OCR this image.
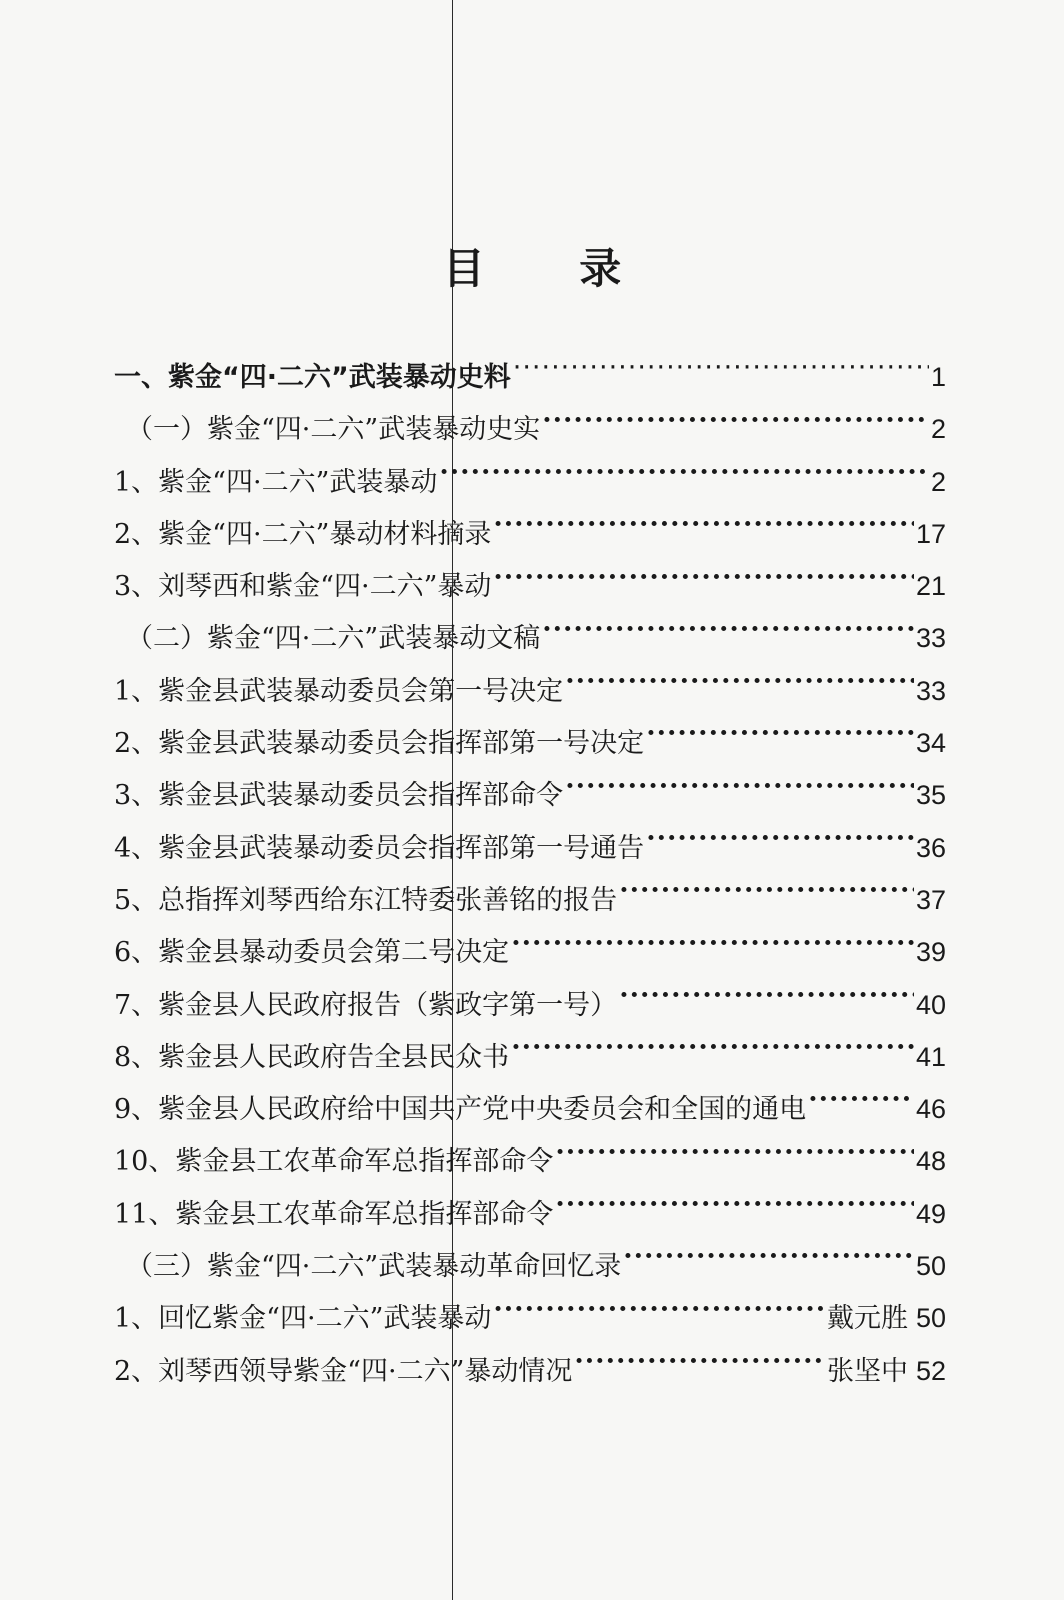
目 录
一、紫金“四·二六”武装暴动史料 ·····	1
（一）紫金“四·二六”武装暴动史实 ·····	2
1、紫金“四·二六”武装暴动 ·····	2
2、紫金“四·二六”暴动材料摘录 ·····	17
3、刘琴西和紫金“四·二六”暴动 ·····	21
（二）紫金“四·二六”武装暴动文稿 ·····	33
1、紫金县武装暴动委员会第一号决定 ·····	33
2、紫金县武装暴动委员会指挥部第一号决定 ·····	34
3、紫金县武装暴动委员会指挥部命令 ·····	35
4、紫金县武装暴动委员会指挥部第一号通告 ·····	36
5、总指挥刘琴西给东江特委张善铭的报告 ·····	37
6、紫金县暴动委员会第二号决定 ·····	39
7、紫金县人民政府报告（紫政字第一号） ·····	40
8、紫金县人民政府告全县民众书 ·····	41
9、紫金县人民政府给中国共产党中央委员会和全国的通电 ·····	46
10、紫金县工农革命军总指挥部命令 ·····	48
11、紫金县工农革命军总指挥部命令 ·····	49
（三）紫金“四·二六”武装暴动革命回忆录 ·····	50
1、回忆紫金“四·二六”武装暴动 ·····	戴元胜 50
2、刘琴西领导紫金“四·二六”暴动情况 ·····	张坚中 52
